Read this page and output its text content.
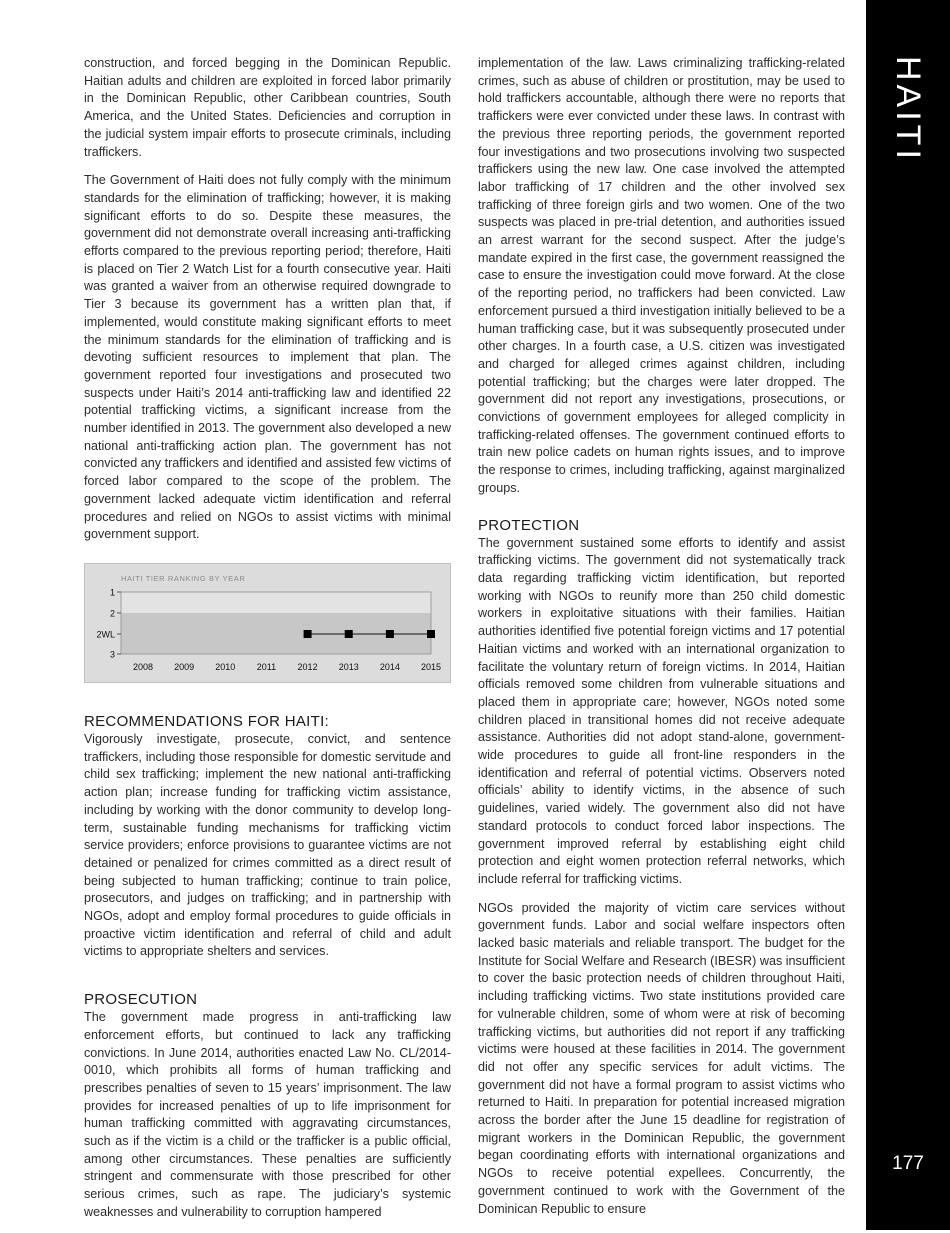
HAITI
177

construction, and forced begging in the Dominican Republic. Haitian adults and children are exploited in forced labor primarily in the Dominican Republic, other Caribbean countries, South America, and the United States. Deficiencies and corruption in the judicial system impair efforts to prosecute criminals, including traffickers.

The Government of Haiti does not fully comply with the minimum standards for the elimination of trafficking; however, it is making significant efforts to do so. Despite these measures, the government did not demonstrate overall increasing anti-trafficking efforts compared to the previous reporting period; therefore, Haiti is placed on Tier 2 Watch List for a fourth consecutive year. Haiti was granted a waiver from an otherwise required downgrade to Tier 3 because its government has a written plan that, if implemented, would constitute making significant efforts to meet the minimum standards for the elimination of trafficking and is devoting sufficient resources to implement that plan. The government reported four investigations and prosecuted two suspects under Haiti’s 2014 anti-trafficking law and identified 22 potential trafficking victims, a significant increase from the number identified in 2013. The government also developed a new national anti-trafficking action plan. The government has not convicted any traffickers and identified and assisted few victims of forced labor compared to the scope of the problem. The government lacked adequate victim identification and referral procedures and relied on NGOs to assist victims with minimal government support.

HAITI TIER RANKING BY YEAR
1
2
2WL
3
2008 2009 2010 2011 2012 2013 2014 2015
RECOMMENDATIONS FOR HAITI:

Vigorously investigate, prosecute, convict, and sentence traffickers, including those responsible for domestic servitude and child sex trafficking; implement the new national anti-trafficking action plan; increase funding for trafficking victim assistance, including by working with the donor community to develop long-term, sustainable funding mechanisms for trafficking victim service providers; enforce provisions to guarantee victims are not detained or penalized for crimes committed as a direct result of being subjected to human trafficking; continue to train police, prosecutors, and judges on trafficking; and in partnership with NGOs, adopt and employ formal procedures to guide officials in proactive victim identification and referral of child and adult victims to appropriate shelters and services.

PROSECUTION

The government made progress in anti-trafficking law enforcement efforts, but continued to lack any trafficking convictions. In June 2014, authorities enacted Law No. CL/2014-0010, which prohibits all forms of human trafficking and prescribes penalties of seven to 15 years’ imprisonment. The law provides for increased penalties of up to life imprisonment for human trafficking committed with aggravating circumstances, such as if the victim is a child or the trafficker is a public official, among other circumstances. These penalties are sufficiently stringent and commensurate with those prescribed for other serious crimes, such as rape. The judiciary’s systemic weaknesses and vulnerability to corruption hampered

implementation of the law. Laws criminalizing trafficking-related crimes, such as abuse of children or prostitution, may be used to hold traffickers accountable, although there were no reports that traffickers were ever convicted under these laws. In contrast with the previous three reporting periods, the government reported four investigations and two prosecutions involving two suspected traffickers using the new law. One case involved the attempted labor trafficking of 17 children and the other involved sex trafficking of three foreign girls and two women. One of the two suspects was placed in pre-trial detention, and authorities issued an arrest warrant for the second suspect. After the judge’s mandate expired in the first case, the government reassigned the case to ensure the investigation could move forward. At the close of the reporting period, no traffickers had been convicted. Law enforcement pursued a third investigation initially believed to be a human trafficking case, but it was subsequently prosecuted under other charges. In a fourth case, a U.S. citizen was investigated and charged for alleged crimes against children, including potential trafficking; but the charges were later dropped. The government did not report any investigations, prosecutions, or convictions of government employees for alleged complicity in trafficking-related offenses. The government continued efforts to train new police cadets on human rights issues, and to improve the response to crimes, including trafficking, against marginalized groups.

PROTECTION

The government sustained some efforts to identify and assist trafficking victims. The government did not systematically track data regarding trafficking victim identification, but reported working with NGOs to reunify more than 250 child domestic workers in exploitative situations with their families. Haitian authorities identified five potential foreign victims and 17 potential Haitian victims and worked with an international organization to facilitate the voluntary return of foreign victims. In 2014, Haitian officials removed some children from vulnerable situations and placed them in appropriate care; however, NGOs noted some children placed in transitional homes did not receive adequate assistance. Authorities did not adopt stand-alone, government-wide procedures to guide all front-line responders in the identification and referral of potential victims. Observers noted officials’ ability to identify victims, in the absence of such guidelines, varied widely. The government also did not have standard protocols to conduct forced labor inspections. The government improved referral by establishing eight child protection and eight women protection referral networks, which include referral for trafficking victims.

NGOs provided the majority of victim care services without government funds. Labor and social welfare inspectors often lacked basic materials and reliable transport. The budget for the Institute for Social Welfare and Research (IBESR) was insufficient to cover the basic protection needs of children throughout Haiti, including trafficking victims. Two state institutions provided care for vulnerable children, some of whom were at risk of becoming trafficking victims, but authorities did not report if any trafficking victims were housed at these facilities in 2014. The government did not offer any specific services for adult victims. The government did not have a formal program to assist victims who returned to Haiti. In preparation for potential increased migration across the border after the June 15 deadline for registration of migrant workers in the Dominican Republic, the government began coordinating efforts with international organizations and NGOs to receive potential expellees. Concurrently, the government continued to work with the Government of the Dominican Republic to ensure
